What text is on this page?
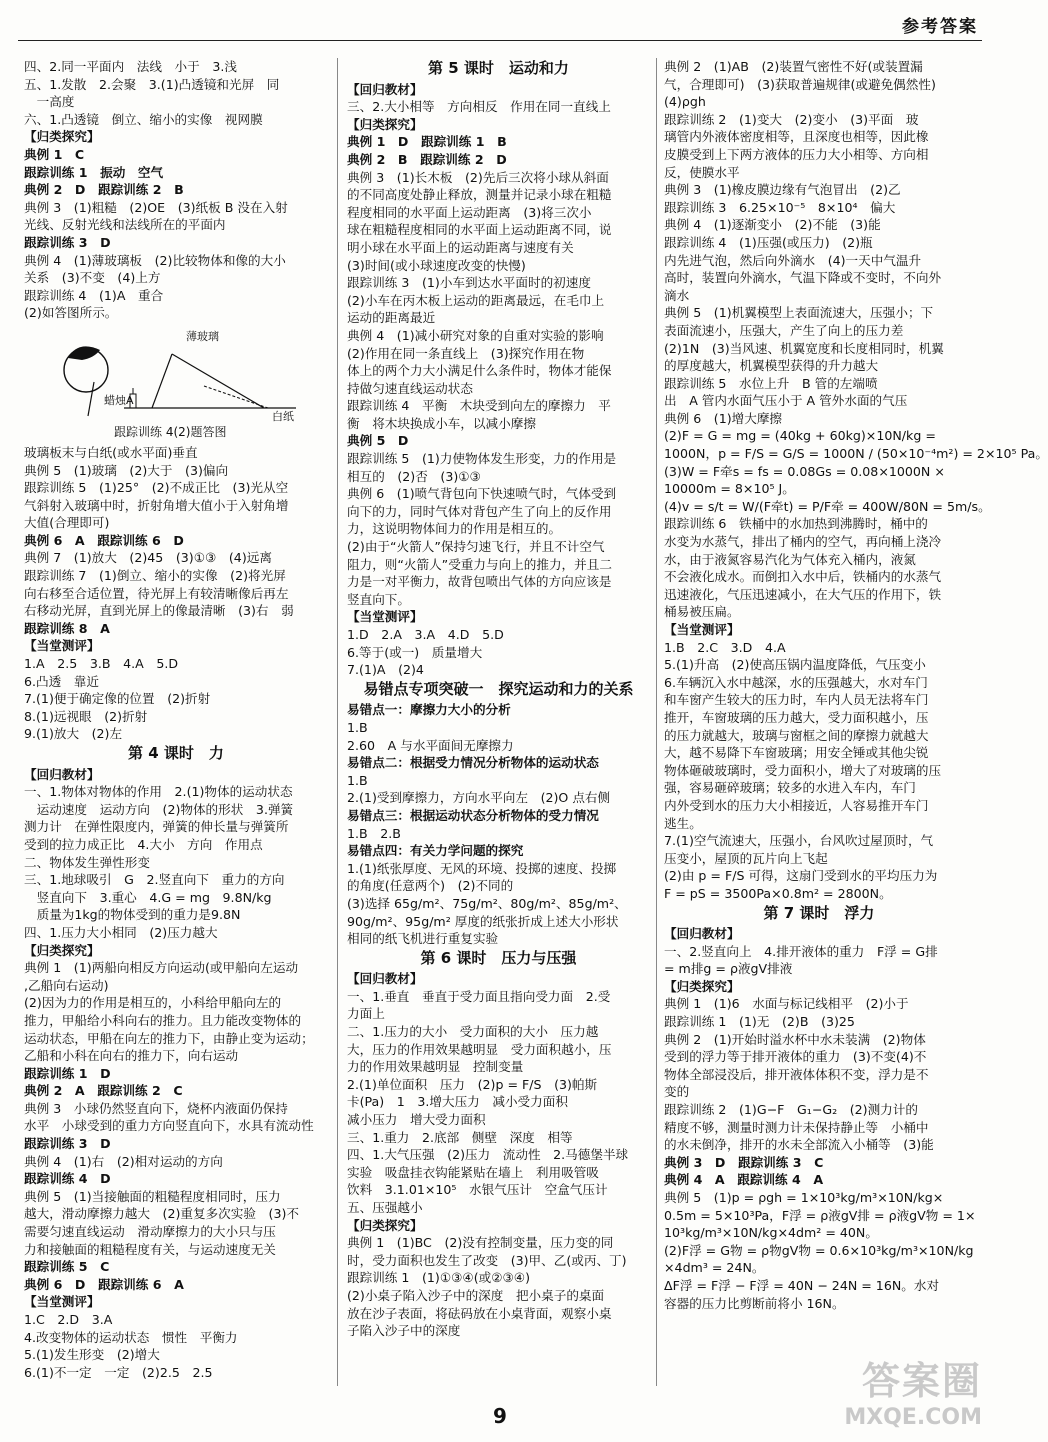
参考答案
四、2.同一平面内　法线　小于　3.浅
五、1.发散　2.会聚　3.(1)凸透镜和光屏　同
　一高度
六、1.凸透镜　倒立、缩小的实像　视网膜
【归类探究】
典例 1　C
跟踪训练 1　振动　空气
典例 2　D　跟踪训练 2　B
典例 3　(1)粗糙　(2)OE　(3)纸板 B 没在入射
光线、反射光线和法线所在的平面内
跟踪训练 3　D
典例 4　(1)薄玻璃板　(2)比较物体和像的大小
关系　(3)不变　(4)上方
跟踪训练 4　(1)A　重合
(2)如答图所示。
薄玻璃
蜡烛A
白纸
跟踪训练 4(2)题答图
玻璃板末与白纸(或水平面)垂直
典例 5　(1)玻璃　(2)大于　(3)偏向
跟踪训练 5　(1)25°　(2)不成正比　(3)光从空
气斜射入玻璃中时，折射角增大值小于入射角增
大值(合理即可)
典例 6　A　跟踪训练 6　D
典例 7　(1)放大　(2)45　(3)①③　(4)远离
跟踪训练 7　(1)倒立、缩小的实像　(2)将光屏
向右移至合适位置，待光屏上有较清晰像后再左
右移动光屏，直到光屏上的像最清晰　(3)右　弱
跟踪训练 8　A
【当堂测评】
1.A　2.5　3.B　4.A　5.D
6.凸透　靠近
7.(1)便于确定像的位置　(2)折射
8.(1)远视眼　(2)折射
9.(1)放大　(2)左
第 4 课时　力
【回归教材】
一、1.物体对物体的作用　2.(1)物体的运动状态
　运动速度　运动方向　(2)物体的形状　3.弹簧
测力计　在弹性限度内，弹簧的伸长量与弹簧所
受到的拉力成正比　4.大小　方向　作用点
二、物体发生弹性形变
三、1.地球吸引　G　2.竖直向下　重力的方向
　竖直向下　3.重心　4.G = mg　9.8N/kg
　质量为1kg的物体受到的重力是9.8N
四、1.压力大小相同　(2)压力越大
【归类探究】
典例 1　(1)两船向相反方向运动(或甲船向左运动
,乙船向右运动)
(2)因为力的作用是相互的，小科给甲船向左的
推力，甲船给小科向右的推力。且力能改变物体的
运动状态，甲船在向左的推力下，由静止变为运动；
乙船和小科在向右的推力下，向右运动
跟踪训练 1　D
典例 2　A　跟踪训练 2　C
典例 3　小球仍然竖直向下，烧杯内液面仍保持
水平　小球受到的重力方向竖直向下，水具有流动性
跟踪训练 3　D
典例 4　(1)右　(2)相对运动的方向
跟踪训练 4　D
典例 5　(1)当接触面的粗糙程度相同时，压力
越大，滑动摩擦力越大　(2)重复多次实验　(3)不
需要匀速直线运动　滑动摩擦力的大小只与压
力和接触面的粗糙程度有关，与运动速度无关
跟踪训练 5　C
典例 6　D　跟踪训练 6　A
【当堂测评】
1.C　2.D　3.A
4.改变物体的运动状态　惯性　平衡力
5.(1)发生形变　(2)增大
6.(1)不一定　一定　(2)2.5　2.5
第 5 课时　运动和力
【回归教材】
三、2.大小相等　方向相反　作用在同一直线上
【归类探究】
典例 1　D　跟踪训练 1　B
典例 2　B　跟踪训练 2　D
典例 3　(1)长木板　(2)先后三次将小球从斜面
的不同高度处静止释放，测量并记录小球在粗糙
程度相同的水平面上运动距离　(3)将三次小
球在粗糙程度相同的水平面上运动距离不同，说
明小球在水平面上的运动距离与速度有关
(3)时间(或小球速度改变的快慢)
跟踪训练 3　(1)小车到达水平面时的初速度
(2)小车在丙木板上运动的距离最远，在毛巾上
运动的距离最近
典例 4　(1)减小研究对象的自重对实验的影响
(2)作用在同一条直线上　(3)探究作用在物
体上的两个力大小满足什么条件时，物体才能保
持做匀速直线运动状态
跟踪训练 4　平衡　木块受到向左的摩擦力　平
衡　将木块换成小车，以减小摩擦
典例 5　D
跟踪训练 5　(1)力使物体发生形变，力的作用是
相互的　(2)否　(3)①③
典例 6　(1)喷气背包向下快速喷气时，气体受到
向下的力，同时气体对背包产生了向上的反作用
力，这说明物体间力的作用是相互的。
(2)由于“火箭人”保持匀速飞行，并且不计空气
阻力，则“火箭人”受重力与向上的推力，并且二
力是一对平衡力，故背包喷出气体的方向应该是
竖直向下。
【当堂测评】
1.D　2.A　3.A　4.D　5.D
6.等于(或一)　质量增大
7.(1)A　(2)4
易错点专项突破一　探究运动和力的关系
易错点一：摩擦力大小的分析
1.B
2.60　A 与水平面间无摩擦力
易错点二：根据受力情况分析物体的运动状态
1.B
2.(1)受到摩擦力，方向水平向左　(2)O 点右侧
易错点三：根据运动状态分析物体的受力情况
1.B　2.B
易错点四：有关力学问题的探究
1.(1)纸张厚度、无风的环境、投掷的速度、投掷
的角度(任意两个)　(2)不同的
(3)选择 65g/m²、75g/m²、80g/m²、85g/m²、
90g/m²、95g/m² 厚度的纸张折成上述大小形状
相同的纸飞机进行重复实验
第 6 课时　压力与压强
【回归教材】
一、1.垂直　垂直于受力面且指向受力面　2.受
力面上
二、1.压力的大小　受力面积的大小　压力越
大，压力的作用效果越明显　受力面积越小，压
力的作用效果越明显　控制变量
2.(1)单位面积　压力　(2)p = F/S　(3)帕斯
卡(Pa)　1　3.增大压力　减小受力面积
减小压力　增大受力面积
三、1.重力　2.底部　侧壁　深度　相等
四、1.大气压强　(2)压力　流动性　2.马德堡半球
实验　吸盘挂衣钩能紧贴在墙上　利用吸管吸
饮料　3.1.01×10⁵　水银气压计　空盒气压计
五、压强越小
【归类探究】
典例 1　(1)BC　(2)没有控制变量，压力变的同
时，受力面积也发生了改变　(3)甲、乙(或丙、丁)
跟踪训练 1　(1)①③④(或②③④)
(2)小桌子陷入沙子中的深度　把小桌子的桌面
放在沙子表面，将砝码放在小桌背面，观察小桌
子陷入沙子中的深度
典例 2　(1)AB　(2)装置气密性不好(或装置漏
气，合理即可)　(3)获取普遍规律(或避免偶然性)
(4)ρgh
跟踪训练 2　(1)变大　(2)变小　(3)平面　玻
璃管内外液体密度相等，且深度也相等，因此橡
皮膜受到上下两方液体的压力大小相等、方向相
反，使膜水平
典例 3　(1)橡皮膜边缘有气泡冒出　(2)乙
跟踪训练 3　6.25×10⁻⁵　8×10⁴　偏大
典例 4　(1)逐渐变小　(2)不能　(3)能
跟踪训练 4　(1)压强(或压力)　(2)瓶
内先进气泡，然后向外滴水　(4)一天中气温升
高时，装置向外滴水，气温下降或不变时，不向外
滴水
典例 5　(1)机翼模型上表面流速大，压强小；下
表面流速小，压强大，产生了向上的压力差
(2)1N　(3)当风速、机翼宽度和长度相同时，机翼
的厚度越大，机翼模型获得的升力越大
跟踪训练 5　水位上升　B 管的左端喷
出　A 管内水面气压小于 A 管外水面的气压
典例 6　(1)增大摩擦
(2)F = G = mg = (40kg + 60kg)×10N/kg =
1000N，p = F/S = G/S = 1000N / (50×10⁻⁴m²) = 2×10⁵ Pa。
(3)W = F牵s = fs = 0.08Gs = 0.08×1000N ×
10000m = 8×10⁵ J。
(4)v = s/t = W/(F牵t) = P/F牵 = 400W/80N = 5m/s。
跟踪训练 6　铁桶中的水加热到沸腾时，桶中的
水变为水蒸气，排出了桶内的空气，再向桶上浇冷
水，由于液氮容易汽化为气体充入桶内，液氮
不会液化成水。而倒扣入水中后，铁桶内的水蒸气
迅速液化，气压迅速减小，在大气压的作用下，铁
桶易被压扁。
【当堂测评】
1.B　2.C　3.D　4.A
5.(1)升高　(2)使高压锅内温度降低，气压变小
6.车辆沉入水中越深，水的压强越大，水对车门
和车窗产生较大的压力时，车内人员无法将车门
推开，车窗玻璃的压力越大，受力面积越小，压
的压力就越大，玻璃与窗框之间的摩擦力就越大
大，越不易降下车窗玻璃；用安全锤或其他尖锐
物体砸破玻璃时，受力面积小，增大了对玻璃的压
强，容易砸碎玻璃；较多的水进入车内，车门
内外受到水的压力大小相接近，人容易推开车门
逃生。
7.(1)空气流速大，压强小，台风吹过屋顶时，气
压变小，屋顶的瓦片向上飞起
(2)由 p = F/S 可得，这扇门受到水的平均压力为
F = pS = 3500Pa×0.8m² = 2800N。
第 7 课时　浮力
【回归教材】
一、2.竖直向上　4.排开液体的重力　F浮 = G排
= m排g = ρ液gV排液
【归类探究】
典例 1　(1)6　水面与标记线相平　(2)小于
跟踪训练 1　(1)无　(2)B　(3)25
典例 2　(1)开始时溢水杯中水未装满　(2)物体
受到的浮力等于排开液体的重力　(3)不变(4)不
物体全部浸没后，排开液体体积不变，浮力是不
变的
跟踪训练 2　(1)G−F　G₁−G₂　(2)测力计的
精度不够，测量时测力计未保持静止等　小桶中
的水未倒净，排开的水未全部流入小桶等　(3)能
典例 3　D　跟踪训练 3　C
典例 4　A　跟踪训练 4　A
典例 5　(1)p = ρgh = 1×10³kg/m³×10N/kg×
0.5m = 5×10³Pa，F浮 = ρ液gV排 = ρ液gV物 = 1×
10³kg/m³×10N/kg×4dm² = 40N。
(2)F浮 = G物 = ρ物gV物 = 0.6×10³kg/m³×10N/kg
×4dm³ = 24N。
ΔF浮 = F浮 − F浮 = 40N − 24N = 16N。水对
容器的压力比剪断前将小 16N。
9
答案圈
MXQE.COM
